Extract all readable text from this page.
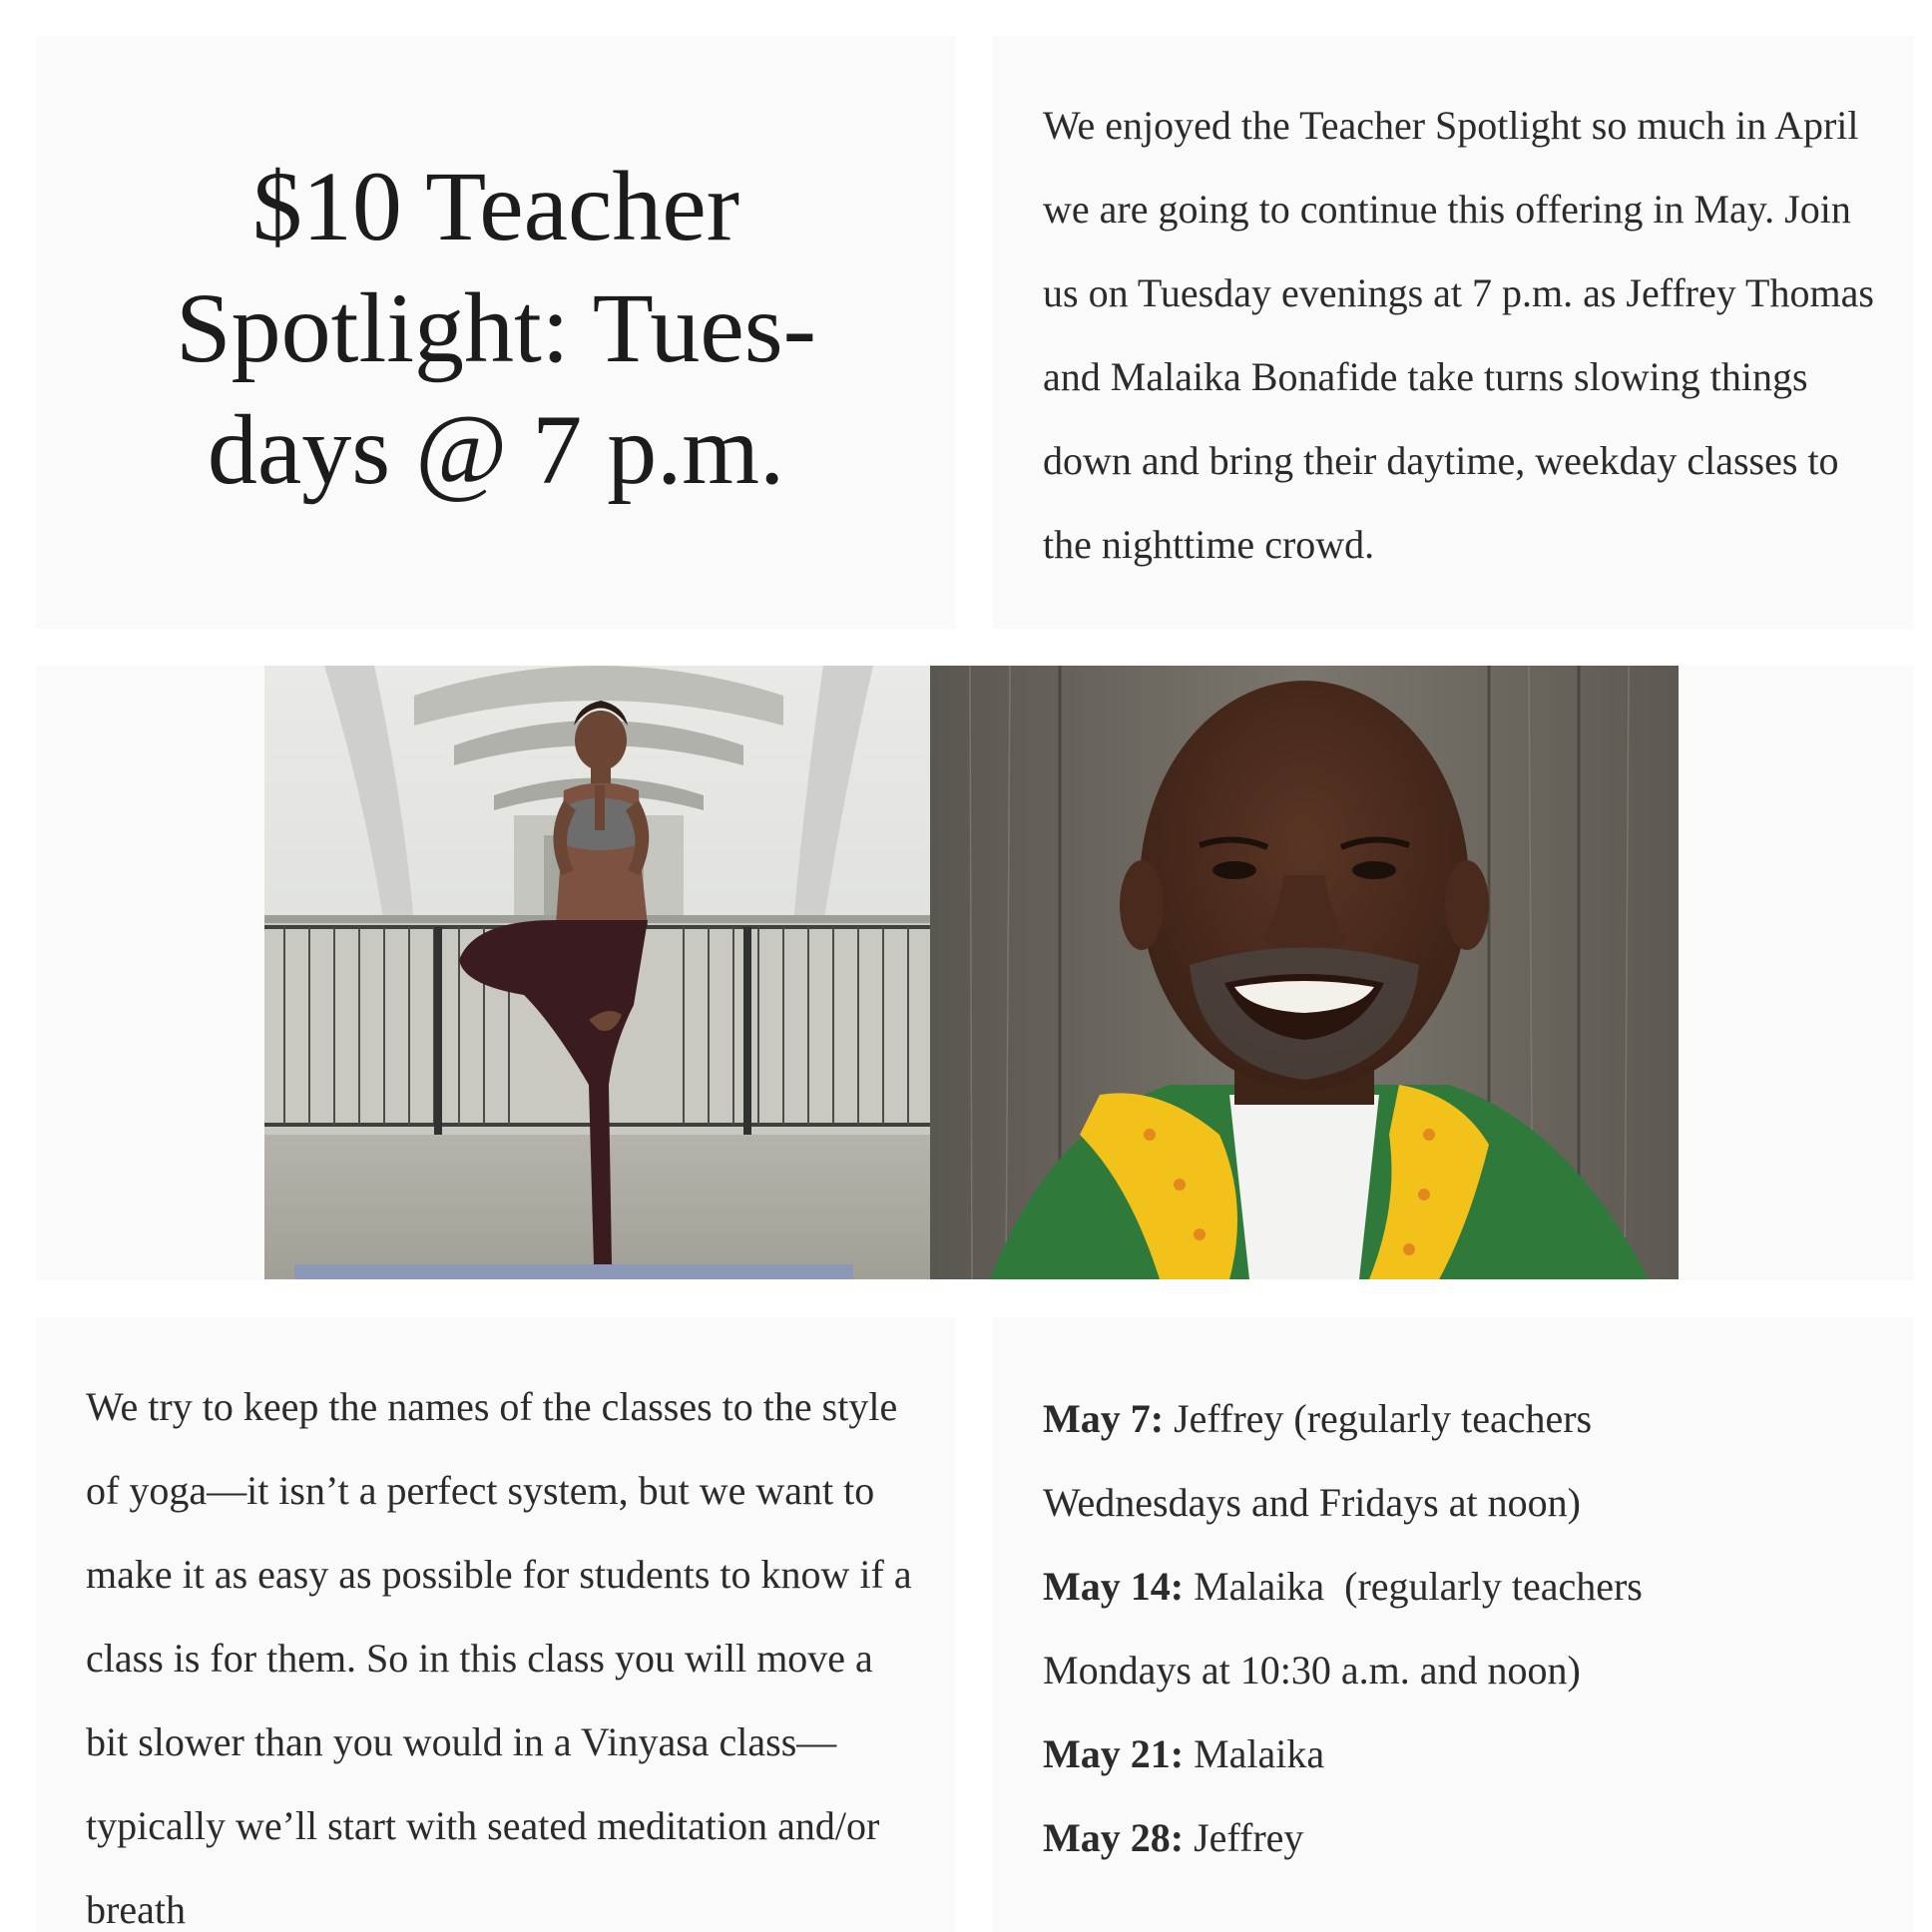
$10 Teacher
Spotlight: Tues-
days @ 7 p.m.

We enjoyed the Teacher Spotlight so much in April we are going to continue this offering in May. Join us on Tuesday evenings at 7 p.m. as Jeffrey Thomas and Malaika Bonafide take turns slowing things down and bring their daytime, weekday classes to the nighttime crowd.

We try to keep the names of the classes to the style of yoga—it isn’t a perfect system, but we want to make it as easy as possible for students to know if a class is for them. So in this class you will move a bit slower than you would in a Vinyasa class—typically we’ll start with seated meditation and/or breath

May 7: Jeffrey (regularly teachers
Wednesdays and Fridays at noon)
May 14: Malaika  (regularly teachers
Mondays at 10:30 a.m. and noon)
May 21: Malaika
May 28: Jeffrey
